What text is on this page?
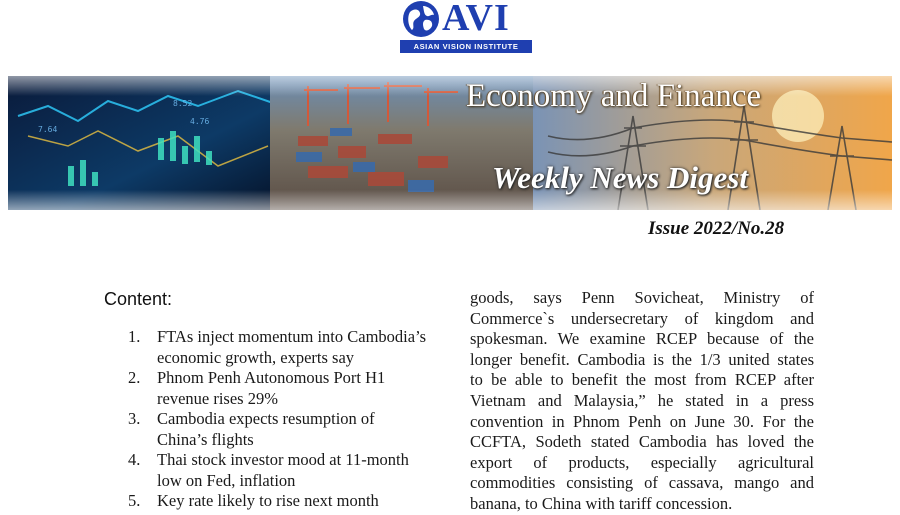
AVI
ASIAN VISION INSTITUTE
Economy and Finance
Weekly News Digest
Issue 2022/No.28
Content:
1. FTAs inject momentum into Cambodia’s
economic growth, experts say
2. Phnom Penh Autonomous Port H1
revenue rises 29%
3. Cambodia expects resumption of
China’s flights
4. Thai stock investor mood at 11-month
low on Fed, inflation
5. Key rate likely to rise next month
goods, says Penn Sovicheat, Ministry of
Commerce`s undersecretary of kingdom and
spokesman. We examine RCEP because of the
longer benefit. Cambodia is the 1/3 united states
to be able to benefit the most from RCEP after
Vietnam and Malaysia,” he stated in a press
convention in Phnom Penh on June 30. For the
CCFTA, Sodeth stated Cambodia has loved the
export of products, especially agricultural
commodities consisting of cassava, mango and
banana, to China with tariff concession.
